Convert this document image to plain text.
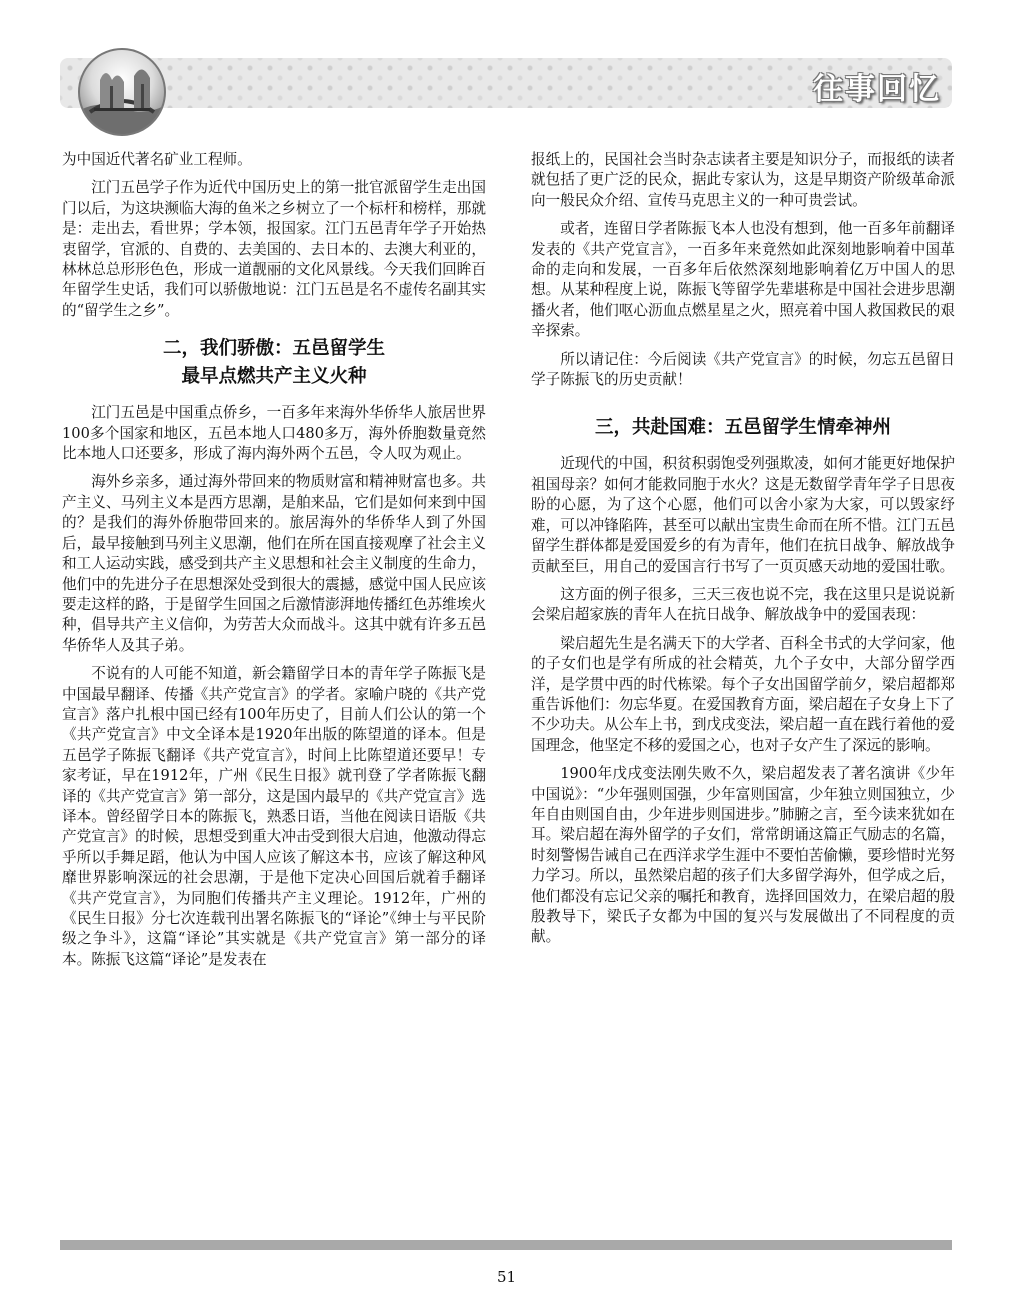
往事回忆

为中国近代著名矿业工程师。

江门五邑学子作为近代中国历史上的第一批官派留学生走出国门以后，为这块濒临大海的鱼米之乡树立了一个标杆和榜样，那就是：走出去，看世界；学本领，报国家。江门五邑青年学子开始热衷留学，官派的、自费的、去美国的、去日本的、去澳大利亚的，林林总总形形色色，形成一道靓丽的文化风景线。今天我们回眸百年留学生史话，我们可以骄傲地说：江门五邑是名不虚传名副其实的“留学生之乡”。

二，我们骄傲：五邑留学生
最早点燃共产主义火种

江门五邑是中国重点侨乡，一百多年来海外华侨华人旅居世界100多个国家和地区，五邑本地人口480多万，海外侨胞数量竟然比本地人口还要多，形成了海内海外两个五邑，令人叹为观止。

海外乡亲多，通过海外带回来的物质财富和精神财富也多。共产主义、马列主义本是西方思潮，是舶来品，它们是如何来到中国的？是我们的海外侨胞带回来的。旅居海外的华侨华人到了外国后，最早接触到马列主义思潮，他们在所在国直接观摩了社会主义和工人运动实践，感受到共产主义思想和社会主义制度的生命力，他们中的先进分子在思想深处受到很大的震撼，感觉中国人民应该要走这样的路，于是留学生回国之后激情澎湃地传播红色苏维埃火种，倡导共产主义信仰，为劳苦大众而战斗。这其中就有许多五邑华侨华人及其子弟。

不说有的人可能不知道，新会籍留学日本的青年学子陈振飞是中国最早翻译、传播《共产党宣言》的学者。家喻户晓的《共产党宣言》落户扎根中国已经有100年历史了，目前人们公认的第一个《共产党宣言》中文全译本是1920年出版的陈望道的译本。但是五邑学子陈振飞翻译《共产党宣言》，时间上比陈望道还要早！专家考证，早在1912年，广州《民生日报》就刊登了学者陈振飞翻译的《共产党宣言》第一部分，这是国内最早的《共产党宣言》选译本。曾经留学日本的陈振飞，熟悉日语，当他在阅读日语版《共产党宣言》的时候，思想受到重大冲击受到很大启迪，他激动得忘乎所以手舞足蹈，他认为中国人应该了解这本书，应该了解这种风靡世界影响深远的社会思潮，于是他下定决心回国后就着手翻译《共产党宣言》，为同胞们传播共产主义理论。1912年，广州的《民生日报》分七次连载刊出署名陈振飞的“译论”《绅士与平民阶级之争斗》，这篇“译论”其实就是《共产党宣言》第一部分的译本。陈振飞这篇“译论”是发表在

报纸上的，民国社会当时杂志读者主要是知识分子，而报纸的读者就包括了更广泛的民众，据此专家认为，这是早期资产阶级革命派向一般民众介绍、宣传马克思主义的一种可贵尝试。

或者，连留日学者陈振飞本人也没有想到，他一百多年前翻译发表的《共产党宣言》，一百多年来竟然如此深刻地影响着中国革命的走向和发展，一百多年后依然深刻地影响着亿万中国人的思想。从某种程度上说，陈振飞等留学先辈堪称是中国社会进步思潮播火者，他们呕心沥血点燃星星之火，照亮着中国人救国救民的艰辛探索。

所以请记住：今后阅读《共产党宣言》的时候，勿忘五邑留日学子陈振飞的历史贡献！

三，共赴国难：五邑留学生情牵神州

近现代的中国，积贫积弱饱受列强欺凌，如何才能更好地保护祖国母亲？如何才能救同胞于水火？这是无数留学青年学子日思夜盼的心愿，为了这个心愿，他们可以舍小家为大家，可以毁家纾难，可以冲锋陷阵，甚至可以献出宝贵生命而在所不惜。江门五邑留学生群体都是爱国爱乡的有为青年，他们在抗日战争、解放战争贡献至巨，用自己的爱国言行书写了一页页感天动地的爱国壮歌。

这方面的例子很多，三天三夜也说不完，我在这里只是说说新会梁启超家族的青年人在抗日战争、解放战争中的爱国表现：

梁启超先生是名满天下的大学者、百科全书式的大学问家，他的子女们也是学有所成的社会精英，九个子女中，大部分留学西洋，是学贯中西的时代栋梁。每个子女出国留学前夕，梁启超都郑重告诉他们：勿忘华夏。在爱国教育方面，梁启超在子女身上下了不少功夫。从公车上书，到戊戌变法，梁启超一直在践行着他的爱国理念，他坚定不移的爱国之心，也对子女产生了深远的影响。

1900年戊戌变法刚失败不久，梁启超发表了著名演讲《少年中国说》：“少年强则国强，少年富则国富，少年独立则国独立，少年自由则国自由，少年进步则国进步。”肺腑之言，至今读来犹如在耳。梁启超在海外留学的子女们，常常朗诵这篇正气励志的名篇，时刻警惕告诫自己在西洋求学生涯中不要怕苦偷懒，要珍惜时光努力学习。所以，虽然梁启超的孩子们大多留学海外，但学成之后，他们都没有忘记父亲的嘱托和教育，选择回国效力，在梁启超的殷殷教导下，梁氏子女都为中国的复兴与发展做出了不同程度的贡献。

51
